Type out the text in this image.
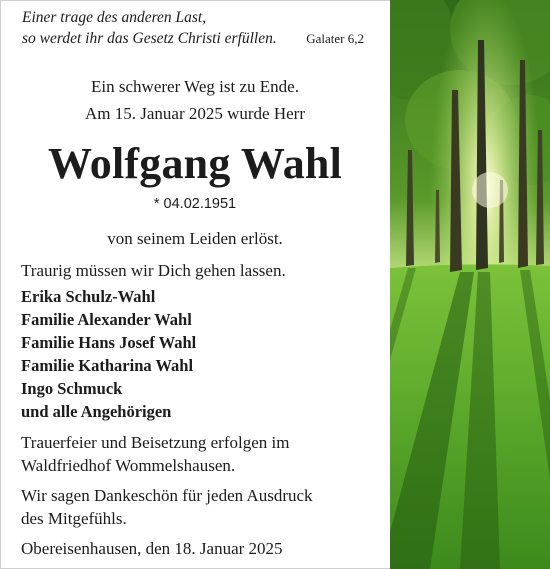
Einer trage des anderen Last,
so werdet ihr das Gesetz Christi erfüllen.	Galater 6,2
Ein schwerer Weg ist zu Ende.
Am 15. Januar 2025 wurde Herr
Wolfgang Wahl
* 04.02.1951
von seinem Leiden erlöst.
Traurig müssen wir Dich gehen lassen.
Erika Schulz-Wahl
Familie Alexander Wahl
Familie Hans Josef Wahl
Familie Katharina Wahl
Ingo Schmuck
und alle Angehörigen
Trauerfeier und Beisetzung erfolgen im
Waldfriedhof Wommelshausen.
Wir sagen Dankeschön für jeden Ausdruck
des Mitgefühls.
Obereisenhausen, den 18. Januar 2025
